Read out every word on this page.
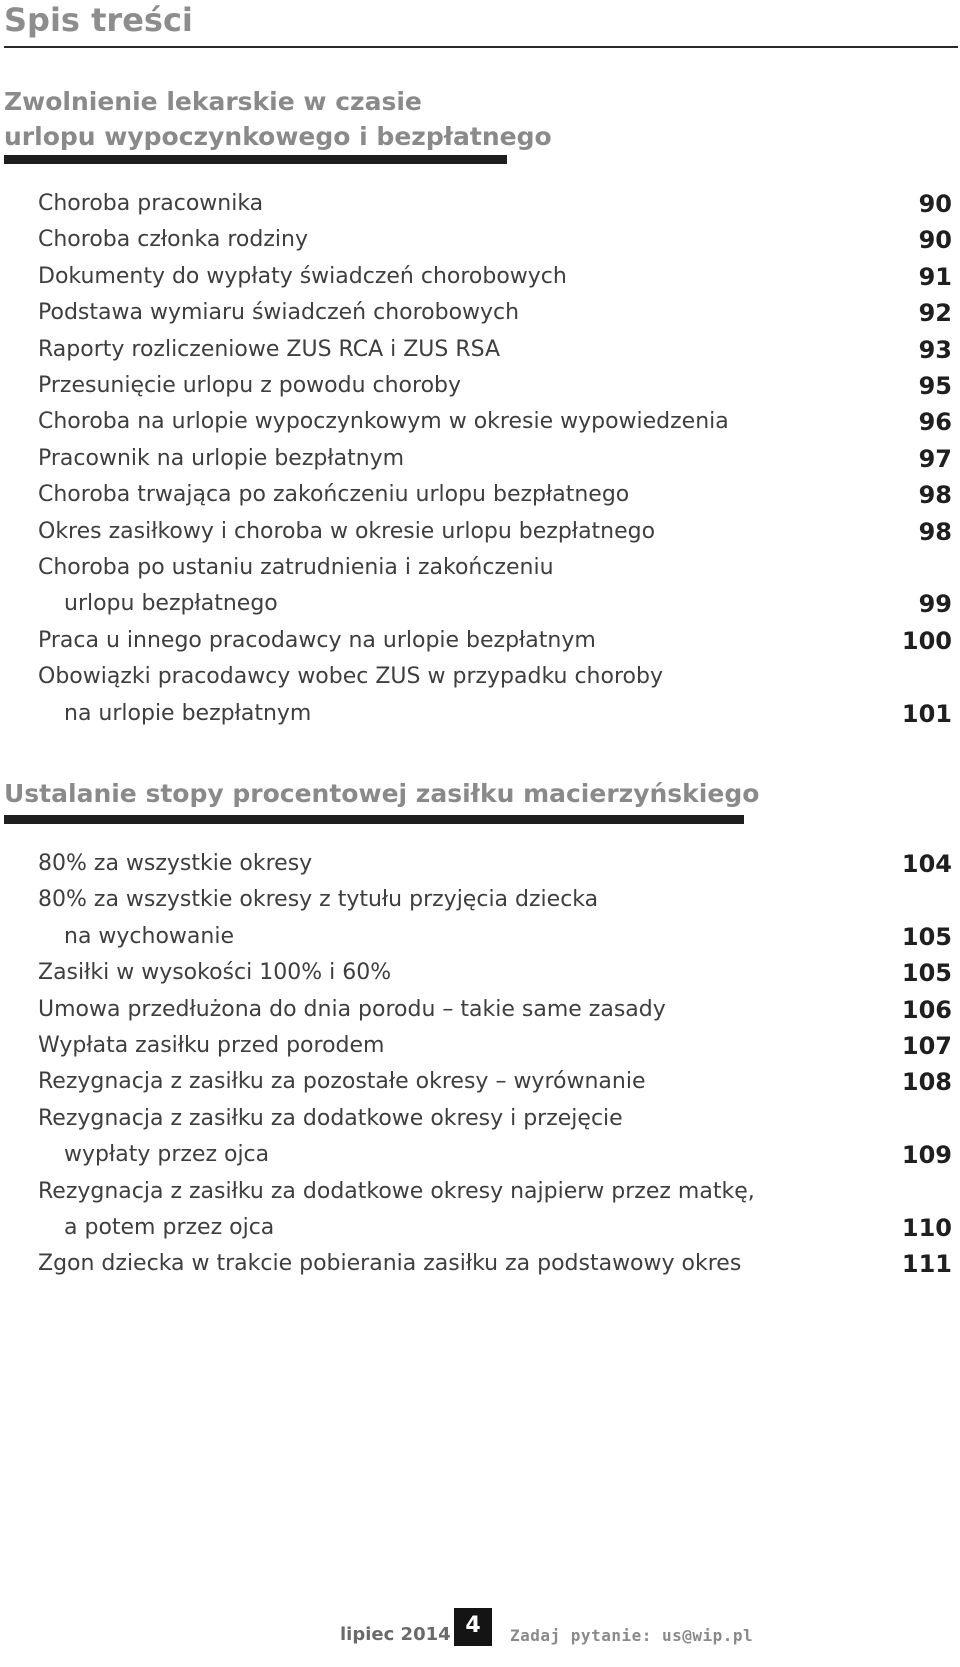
Spis treści
Zwolnienie lekarskie w czasie
urlopu wypoczynkowego i bezpłatnego
Choroba pracownika	90
Choroba członka rodziny	90
Dokumenty do wypłaty świadczeń chorobowych	91
Podstawa wymiaru świadczeń chorobowych	92
Raporty rozliczeniowe ZUS RCA i ZUS RSA	93
Przesunięcie urlopu z powodu choroby	95
Choroba na urlopie wypoczynkowym w okresie wypowiedzenia	96
Pracownik na urlopie bezpłatnym	97
Choroba trwająca po zakończeniu urlopu bezpłatnego	98
Okres zasiłkowy i choroba w okresie urlopu bezpłatnego	98
Choroba po ustaniu zatrudnienia i zakończeniu
urlopu bezpłatnego	99
Praca u innego pracodawcy na urlopie bezpłatnym	100
Obowiązki pracodawcy wobec ZUS w przypadku choroby
na urlopie bezpłatnym	101
Ustalanie stopy procentowej zasiłku macierzyńskiego
80% za wszystkie okresy	104
80% za wszystkie okresy z tytułu przyjęcia dziecka
na wychowanie	105
Zasiłki w wysokości 100% i 60%	105
Umowa przedłużona do dnia porodu – takie same zasady	106
Wypłata zasiłku przed porodem	107
Rezygnacja z zasiłku za pozostałe okresy – wyrównanie	108
Rezygnacja z zasiłku za dodatkowe okresy i przejęcie
wypłaty przez ojca	109
Rezygnacja z zasiłku za dodatkowe okresy najpierw przez matkę,
a potem przez ojca	110
Zgon dziecka w trakcie pobierania zasiłku za podstawowy okres	111
lipiec 2014 4	Zadaj pytanie: us@wip.pl
